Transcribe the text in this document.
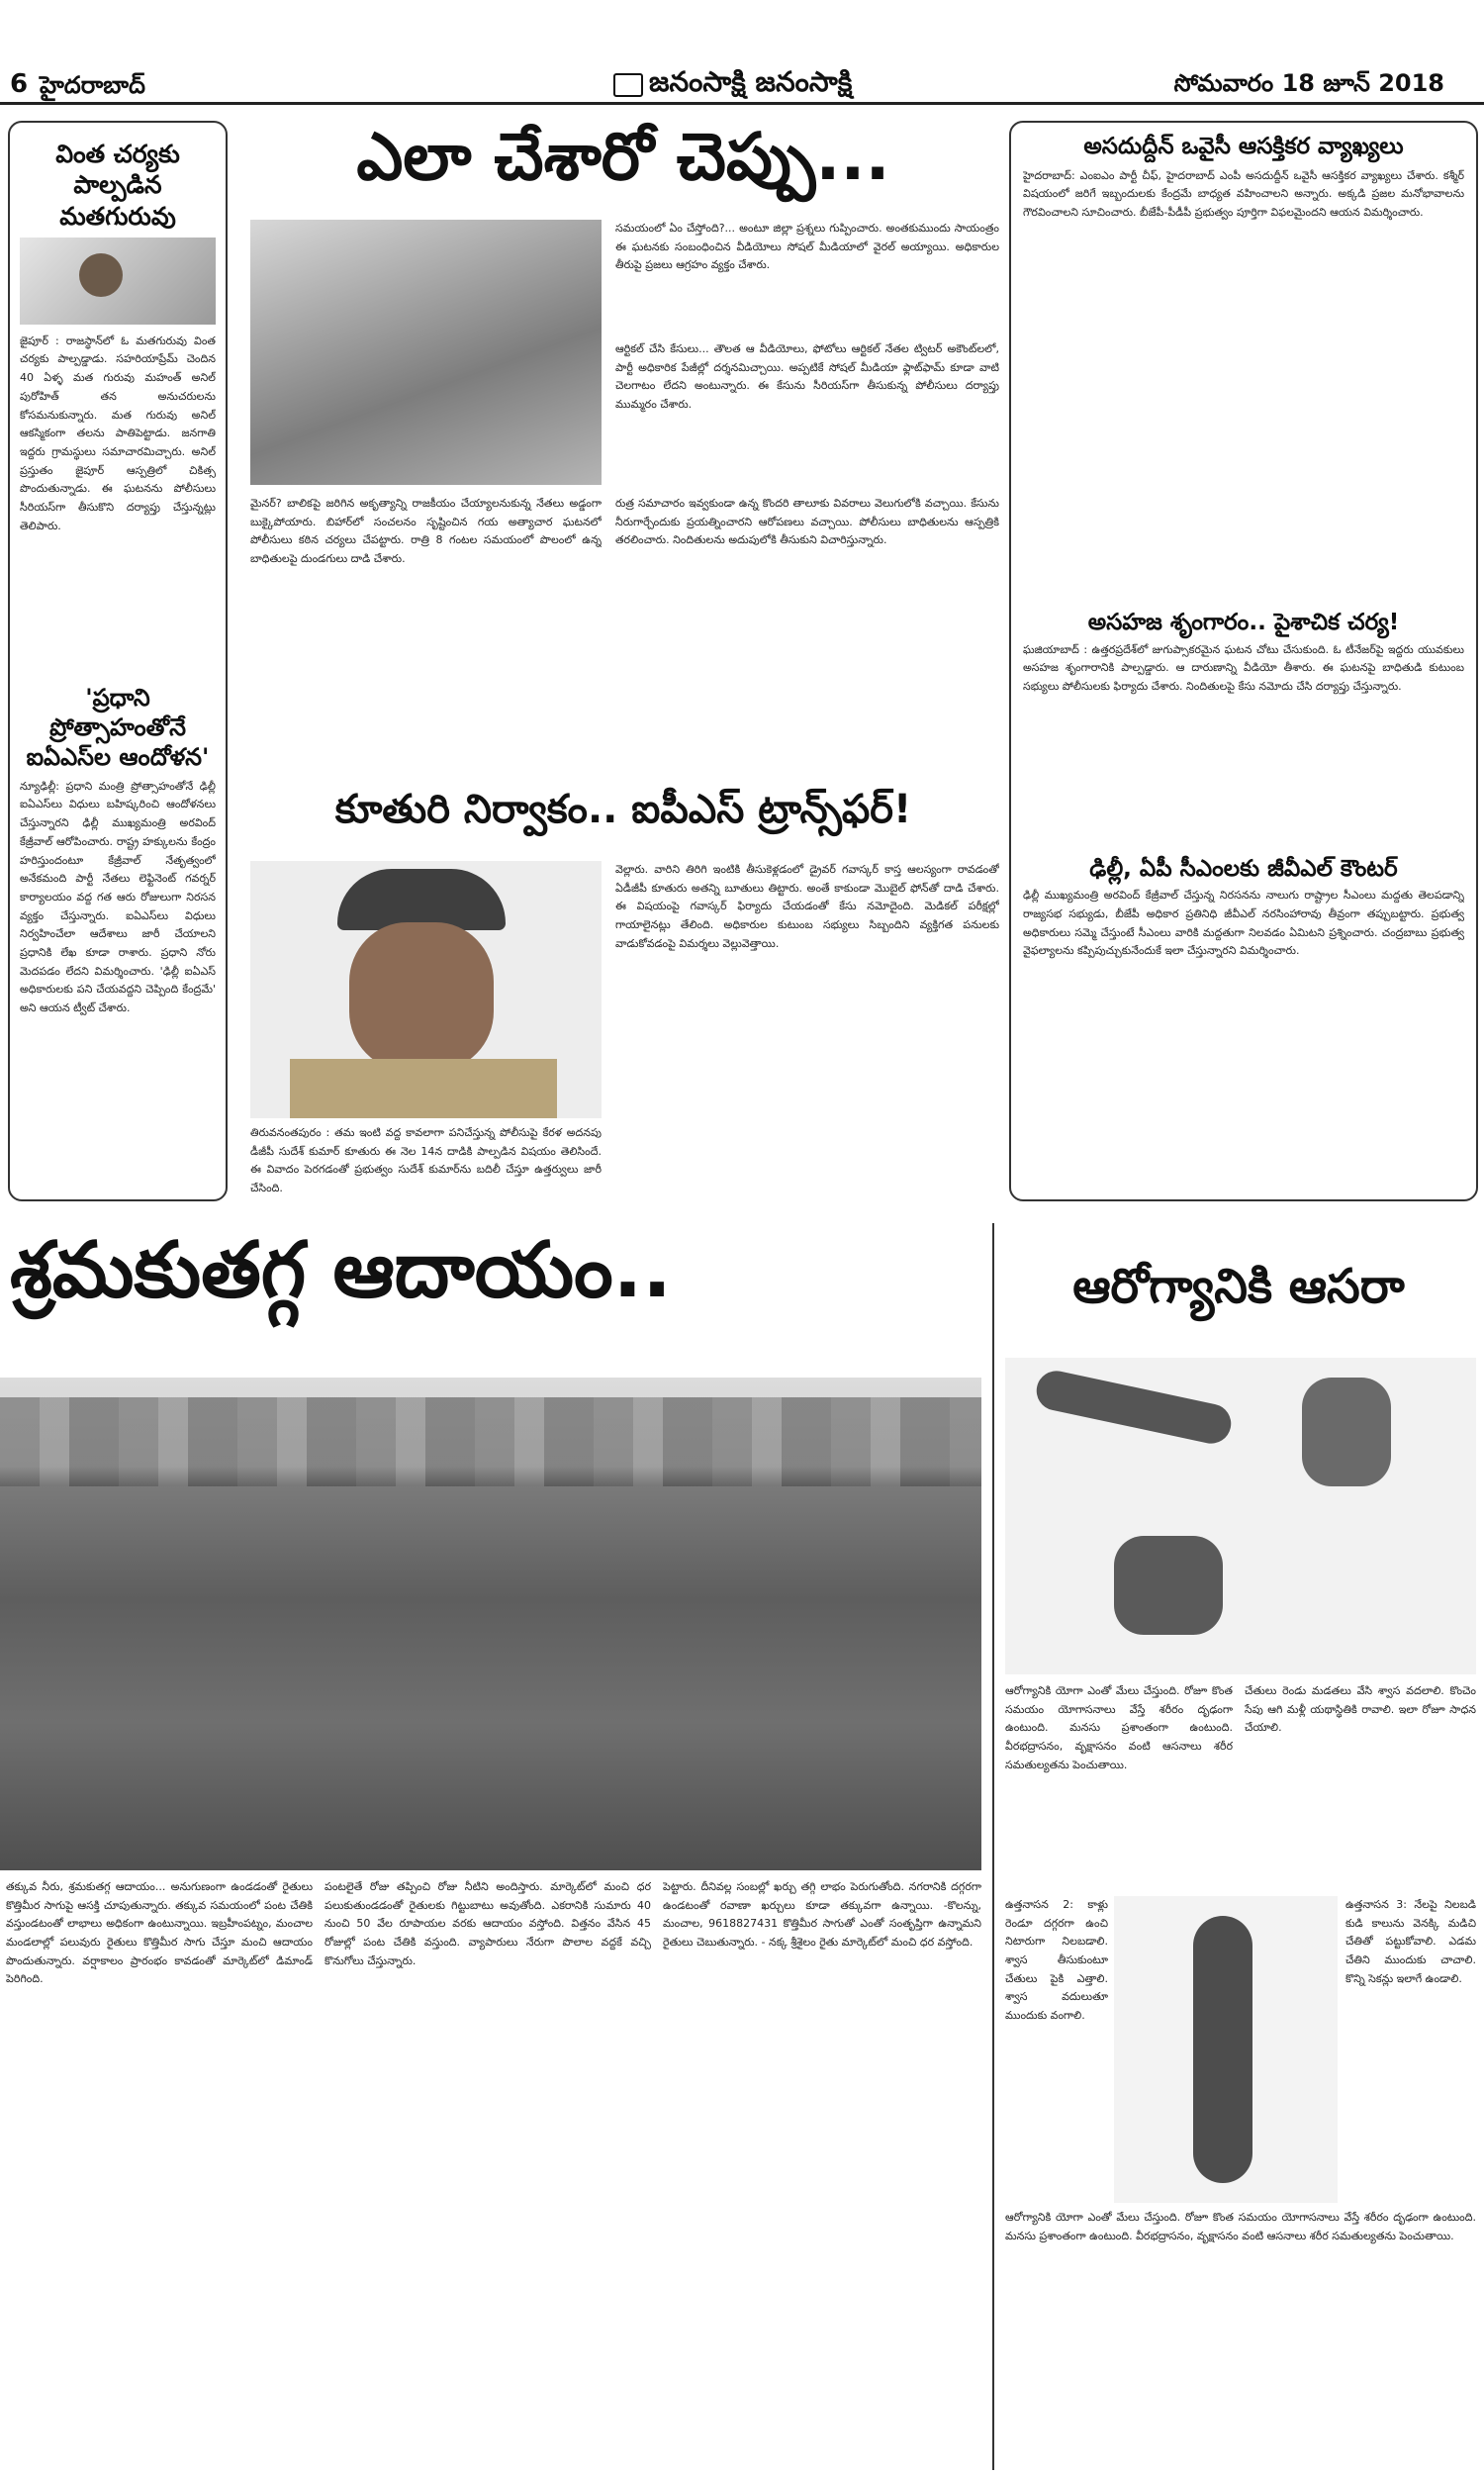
6 హైదరాబాద్	జనంసాక్షి జనంసాక్షి	సోమవారం 18 జూన్ 2018
వింత చర్యకు పాల్పడిన మతగురువు
జైపూర్ : రాజస్థాన్‌లో ఓ మతగురువు వింత చర్యకు పాల్పడ్డాడు. సహరియాప్రేమ్ చెందిన 40 ఏళ్ళ మత గురువు మహంత్ అనిల్ పురోహిత్ తన అనుచరులను కోసమనుకున్నారు. మత గురువు అనిల్ ఆకస్మికంగా తలను పాతిపెట్టాడు. జనగాతి ఇద్దరు గ్రామస్థులు సమాచారమిచ్చారు. అనిల్ ప్రస్తుతం జైపూర్ ఆస్పత్రిలో చికిత్స పొందుతున్నాడు. ఈ ఘటనను పోలీసులు సీరియస్‌గా తీసుకొని దర్యాప్తు చేస్తున్నట్లు తెలిపారు.
'ప్రధాని ప్రోత్సాహంతోనే ఐఏఎస్‌ల ఆందోళన'
న్యూఢిల్లీ: ప్రధాని మంత్రి ప్రోత్సాహంతోనే ఢిల్లీ ఐఏఎస్‌లు విధులు బహిష్కరించి ఆందోళనలు చేస్తున్నారని ఢిల్లీ ముఖ్యమంత్రి అరవింద్ కేజ్రీవాల్ ఆరోపించారు. రాష్ట్ర హక్కులను కేంద్రం హరిస్తుందంటూ కేజ్రీవాల్ నేతృత్వంలో అనేకమంది పార్టీ నేతలు లెఫ్టినెంట్ గవర్నర్ కార్యాలయం వద్ద గత ఆరు రోజులుగా నిరసన వ్యక్తం చేస్తున్నారు. ఐఏఎస్‌లు విధులు నిర్వహించేలా ఆదేశాలు జారీ చేయాలని ప్రధానికి లేఖ కూడా రాశారు. ప్రధాని నోరు మెదపడం లేదని విమర్శించారు. 'ఢిల్లీ ఐఏఎస్ అధికారులకు పని చేయవద్దని చెప్పింది కేంద్రమే' అని ఆయన ట్వీట్ చేశారు.
ఎలా చేశారో చెప్పు...
సమయంలో ఏం చేస్తోంది?... అంటూ జిల్లా ప్రశ్నలు గుప్పించారు. అంతకుముందు సాయంత్రం ఈ ఘటనకు సంబంధించిన వీడియోలు సోషల్ మీడియాలో వైరల్ అయ్యాయి. అధికారుల తీరుపై ప్రజలు ఆగ్రహం వ్యక్తం చేశారు.
ఆర్టికల్ చేసి కేసులు... తౌలత ఆ వీడియోలు, ఫోటోలు ఆర్టికల్ నేతల ట్విటర్ అకౌంట్‌లలో, పార్టీ అధికారిక పేజీల్లో దర్శనమిచ్చాయి. అప్పటికే సోషల్ మీడియా ఫ్లాట్‌ఫామ్ కూడా వాటి చెలగాటం లేదని అంటున్నారు. ఈ కేసును సీరియస్‌గా తీసుకున్న పోలీసులు దర్యాప్తు ముమ్మరం చేశారు.
మైనర్? బాలికపై జరిగిన అకృత్యాన్ని రాజకీయం చేయ్యాలనుకున్న నేతలు అడ్డంగా బుక్కైపోయారు. బిహార్‌లో సంచలనం సృష్టించిన గయ అత్యాచార ఘటనలో పోలీసులు కఠిన చర్యలు చేపట్టారు. రాత్రి 8 గంటల సమయంలో పొలంలో ఉన్న బాధితులపై దుండగులు దాడి చేశారు.
రుత్ర సమాచారం ఇవ్వకుండా ఉన్న కొందరి తాలూకు వివరాలు వెలుగులోకి వచ్చాయి. కేసును నీరుగార్చేందుకు ప్రయత్నించారని ఆరోపణలు వచ్చాయి. పోలీసులు బాధితులను ఆస్పత్రికి తరలించారు. నిందితులను అదుపులోకి తీసుకుని విచారిస్తున్నారు.
కూతురి నిర్వాకం.. ఐపీఎస్ ట్రాన్స్‌ఫర్!
తిరువనంతపురం : తమ ఇంటి వద్ద కావలాగా పనిచేస్తున్న పోలీసుపై కేరళ అదనపు డీజీపీ సుదేశ్ కుమార్ కూతురు ఈ నెల 14న దాడికి పాల్పడిన విషయం తెలిసిందే. ఈ వివాదం పెరగడంతో ప్రభుత్వం సుదేశ్ కుమార్‌ను బదిలీ చేస్తూ ఉత్తర్వులు జారీ చేసింది.
వెల్లారు. వారిని తిరిగి ఇంటికి తీసుకెళ్లడంలో డ్రైవర్ గవాస్కర్ కాస్త ఆలస్యంగా రావడంతో ఏడీజీపీ కూతురు అతన్ని బూతులు తిట్టారు. అంతే కాకుండా మొబైల్ ఫోన్‌తో దాడి చేశారు. ఈ విషయంపై గవాస్కర్ ఫిర్యాదు చేయడంతో కేసు నమోదైంది. మెడికల్ పరీక్షల్లో గాయాలైనట్లు తేలింది. అధికారుల కుటుంబ సభ్యులు సిబ్బందిని వ్యక్తిగత పనులకు వాడుకోవడంపై విమర్శలు వెల్లువెత్తాయి.
అసదుద్దీన్ ఒవైసీ ఆసక్తికర వ్యాఖ్యలు
హైదరాబాద్: ఎంఐఎం పార్టీ చీఫ్, హైదరాబాద్ ఎంపీ అసదుద్దీన్ ఒవైసీ ఆసక్తికర వ్యాఖ్యలు చేశారు. కశ్మీర్ విషయంలో జరిగే ఇబ్బందులకు కేంద్రమే బాధ్యత వహించాలని అన్నారు. అక్కడి ప్రజల మనోభావాలను గౌరవించాలని సూచించారు. బీజేపీ-పీడీపీ ప్రభుత్వం పూర్తిగా విఫలమైందని ఆయన విమర్శించారు.
అసహజ శృంగారం.. పైశాచిక చర్య!
ఘజియాబాద్ : ఉత్తరప్రదేశ్‌లో జుగుప్సాకరమైన ఘటన చోటు చేసుకుంది. ఓ టీనేజర్‌పై ఇద్దరు యువకులు అసహజ శృంగారానికి పాల్పడ్డారు. ఆ దారుణాన్ని వీడియో తీశారు. ఈ ఘటనపై బాధితుడి కుటుంబ సభ్యులు పోలీసులకు ఫిర్యాదు చేశారు. నిందితులపై కేసు నమోదు చేసి దర్యాప్తు చేస్తున్నారు.
ఢిల్లీ, ఏపీ సీఎంలకు జీవీఎల్ కౌంటర్
ఢిల్లీ ముఖ్యమంత్రి అరవింద్ కేజ్రీవాల్ చేస్తున్న నిరసనను నాలుగు రాష్ట్రాల సీఎంలు మద్దతు తెలపడాన్ని రాజ్యసభ సభ్యుడు, బీజేపీ అధికార ప్రతినిధి జీవీఎల్ నరసింహారావు తీవ్రంగా తప్పుబట్టారు. ప్రభుత్వ అధికారులు సమ్మె చేస్తుంటే సీఎంలు వారికి మద్దతుగా నిలవడం ఏమిటని ప్రశ్నించారు. చంద్రబాబు ప్రభుత్వ వైఫల్యాలను కప్పిపుచ్చుకునేందుకే ఇలా చేస్తున్నారని విమర్శించారు.
శ్రమకుతగ్గ ఆదాయం..
తక్కువ నీరు, శ్రమకుతగ్గ ఆదాయం... అనుగుణంగా ఉండడంతో రైతులు కొత్తిమీర సాగుపై ఆసక్తి చూపుతున్నారు. తక్కువ సమయంలో పంట చేతికి వస్తుండటంతో లాభాలు అధికంగా ఉంటున్నాయి. ఇబ్రహీంపట్నం, మంచాల మండలాల్లో పలువురు రైతులు కొత్తిమీర సాగు చేస్తూ మంచి ఆదాయం పొందుతున్నారు. వర్షాకాలం ప్రారంభం కావడంతో మార్కెట్‌లో డిమాండ్ పెరిగింది.
పంటలైతే రోజు తప్పించి రోజు నీటిని అందిస్తారు. మార్కెట్‌లో మంచి ధర పలుకుతుండడంతో రైతులకు గిట్టుబాటు అవుతోంది. ఎకరానికి సుమారు 40 నుంచి 50 వేల రూపాయల వరకు ఆదాయం వస్తోంది. విత్తనం వేసిన 45 రోజుల్లో పంట చేతికి వస్తుంది. వ్యాపారులు నేరుగా పొలాల వద్దకే వచ్చి కొనుగోలు చేస్తున్నారు.
పెట్టారు. దీనివల్ల సంబల్లో ఖర్చు తగ్గి లాభం పెరుగుతోంది. నగరానికి దగ్గరగా ఉండటంతో రవాణా ఖర్చులు కూడా తక్కువగా ఉన్నాయి. -కొలన్ను, మంచాల, 9618827431 కొత్తిమీర సాగుతో ఎంతో సంతృప్తిగా ఉన్నామని రైతులు చెబుతున్నారు. - నక్క శ్రీశైలం రైతు మార్కెట్‌లో మంచి ధర వస్తోంది.
ఆరోగ్యానికి ఆసరా
ఆరోగ్యానికి యోగా ఎంతో మేలు చేస్తుంది. రోజూ కొంత సమయం యోగాసనాలు వేస్తే శరీరం దృఢంగా ఉంటుంది. మనసు ప్రశాంతంగా ఉంటుంది. వీరభద్రాసనం, వృక్షాసనం వంటి ఆసనాలు శరీర సమతుల్యతను పెంచుతాయి.
చేతులు రెండు మడతలు వేసి శ్వాస వదలాలి. కొంచెం సేపు ఆగి మళ్లీ యథాస్థితికి రావాలి. ఇలా రోజూ సాధన చేయాలి.
ఉత్తనాసన 2: కాళ్లు రెండూ దగ్గరగా ఉంచి నిటారుగా నిలబడాలి. శ్వాస తీసుకుంటూ చేతులు పైకి ఎత్తాలి. శ్వాస వదులుతూ ముందుకు వంగాలి.
ఉత్తనాసన 3: నేలపై నిలబడి కుడి కాలును వెనక్కి మడిచి చేతితో పట్టుకోవాలి. ఎడమ చేతిని ముందుకు చాచాలి. కొన్ని సెకన్లు ఇలాగే ఉండాలి.
ఆరోగ్యానికి యోగా ఎంతో మేలు చేస్తుంది. రోజూ కొంత సమయం యోగాసనాలు వేస్తే శరీరం దృఢంగా ఉంటుంది. మనసు ప్రశాంతంగా ఉంటుంది. వీరభద్రాసనం, వృక్షాసనం వంటి ఆసనాలు శరీర సమతుల్యతను పెంచుతాయి.
